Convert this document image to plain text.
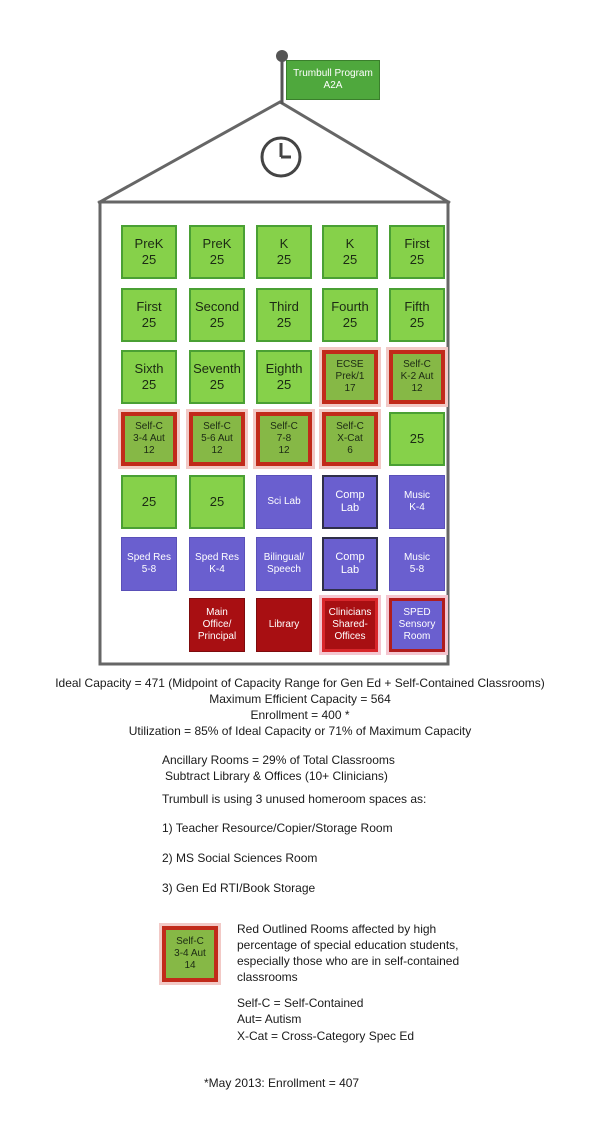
Trumbull Program
A2A
PreK
25
PreK
25
K
25
K
25
First
25
First
25
Second
25
Third
25
Fourth
25
Fifth
25
Sixth
25
Seventh
25
Eighth
25
ECSE
Prek/1
17
Self-C
K-2 Aut
12
Self-C
3-4 Aut
12
Self-C
5-6 Aut
12
Self-C
7-8
12
Self-C
X-Cat
6
25
25	25	Sci Lab
Comp
Lab
Music
K-4
Sped Res
5-8
Sped Res
K-4
Bilingual/
Speech
Comp
Lab
Music
5-8
Main
Office/
Principal
Library
Clinicians
Shared-
Offices
SPED
Sensory
Room
Ideal Capacity = 471 (Midpoint of Capacity Range for Gen Ed + Self-Contained Classrooms)
Maximum Efficient Capacity = 564
Enrollment = 400 *
Utilization = 85% of Ideal Capacity or 71% of Maximum Capacity
Ancillary Rooms = 29% of Total Classrooms
Subtract Library & Offices (10+ Clinicians)
Trumbull is using 3 unused homeroom spaces as:
1) Teacher Resource/Copier/Storage Room
2) MS Social Sciences Room
3) Gen Ed RTI/Book Storage
Self-C
3-4 Aut
14
Red Outlined Rooms affected by high
percentage of special education students,
especially those who are in self-contained
classrooms
Self-C = Self-Contained
Aut= Autism
X-Cat = Cross-Category Spec Ed
*May 2013: Enrollment = 407
